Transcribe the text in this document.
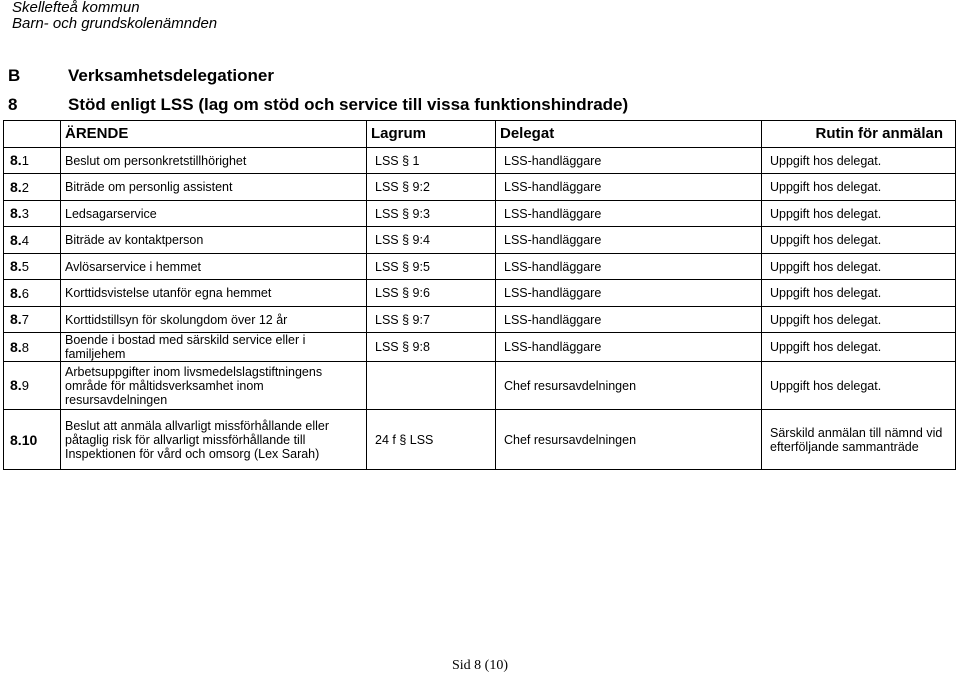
Skellefteå kommun
Barn- och grundskolenämnden
B	Verksamhetsdelegationer
8	Stöd enligt LSS (lag om stöd och service till vissa funktionshindrade)
	ÄRENDE	Lagrum	Delegat	Rutin för anmälan
8.1	Beslut om personkretstillhörighet	LSS § 1	LSS-handläggare	Uppgift hos delegat.

8.2	Biträde om personlig assistent	LSS § 9:2	LSS-handläggare	Uppgift hos delegat.

8.3	Ledsagarservice	LSS § 9:3	LSS-handläggare	Uppgift hos delegat.

8.4	Biträde av kontaktperson	LSS § 9:4	LSS-handläggare	Uppgift hos delegat.

8.5	Avlösarservice i hemmet	LSS § 9:5	LSS-handläggare	Uppgift hos delegat.

8.6	Korttidsvistelse utanför egna hemmet	LSS § 9:6	LSS-handläggare	Uppgift hos delegat.

8.7	Korttidstillsyn för skolungdom över 12 år	LSS § 9:7	LSS-handläggare	Uppgift hos delegat.

8.8	Boende i bostad med särskild service eller i
familjehem	LSS § 9:8	LSS-handläggare	Uppgift hos delegat.

8.9	Arbetsuppgifter inom livsmedelslagstiftningens
område för måltidsverksamhet inom
resursavdelningen		Chef resursavdelningen	Uppgift hos delegat.

8.10	Beslut att anmäla allvarligt missförhållande eller
påtaglig risk för allvarligt missförhållande till
Inspektionen för vård och omsorg (Lex Sarah)	24 f § LSS	Chef resursavdelningen	Särskild anmälan till nämnd vid
efterföljande sammanträde
Sid 8 (10)
